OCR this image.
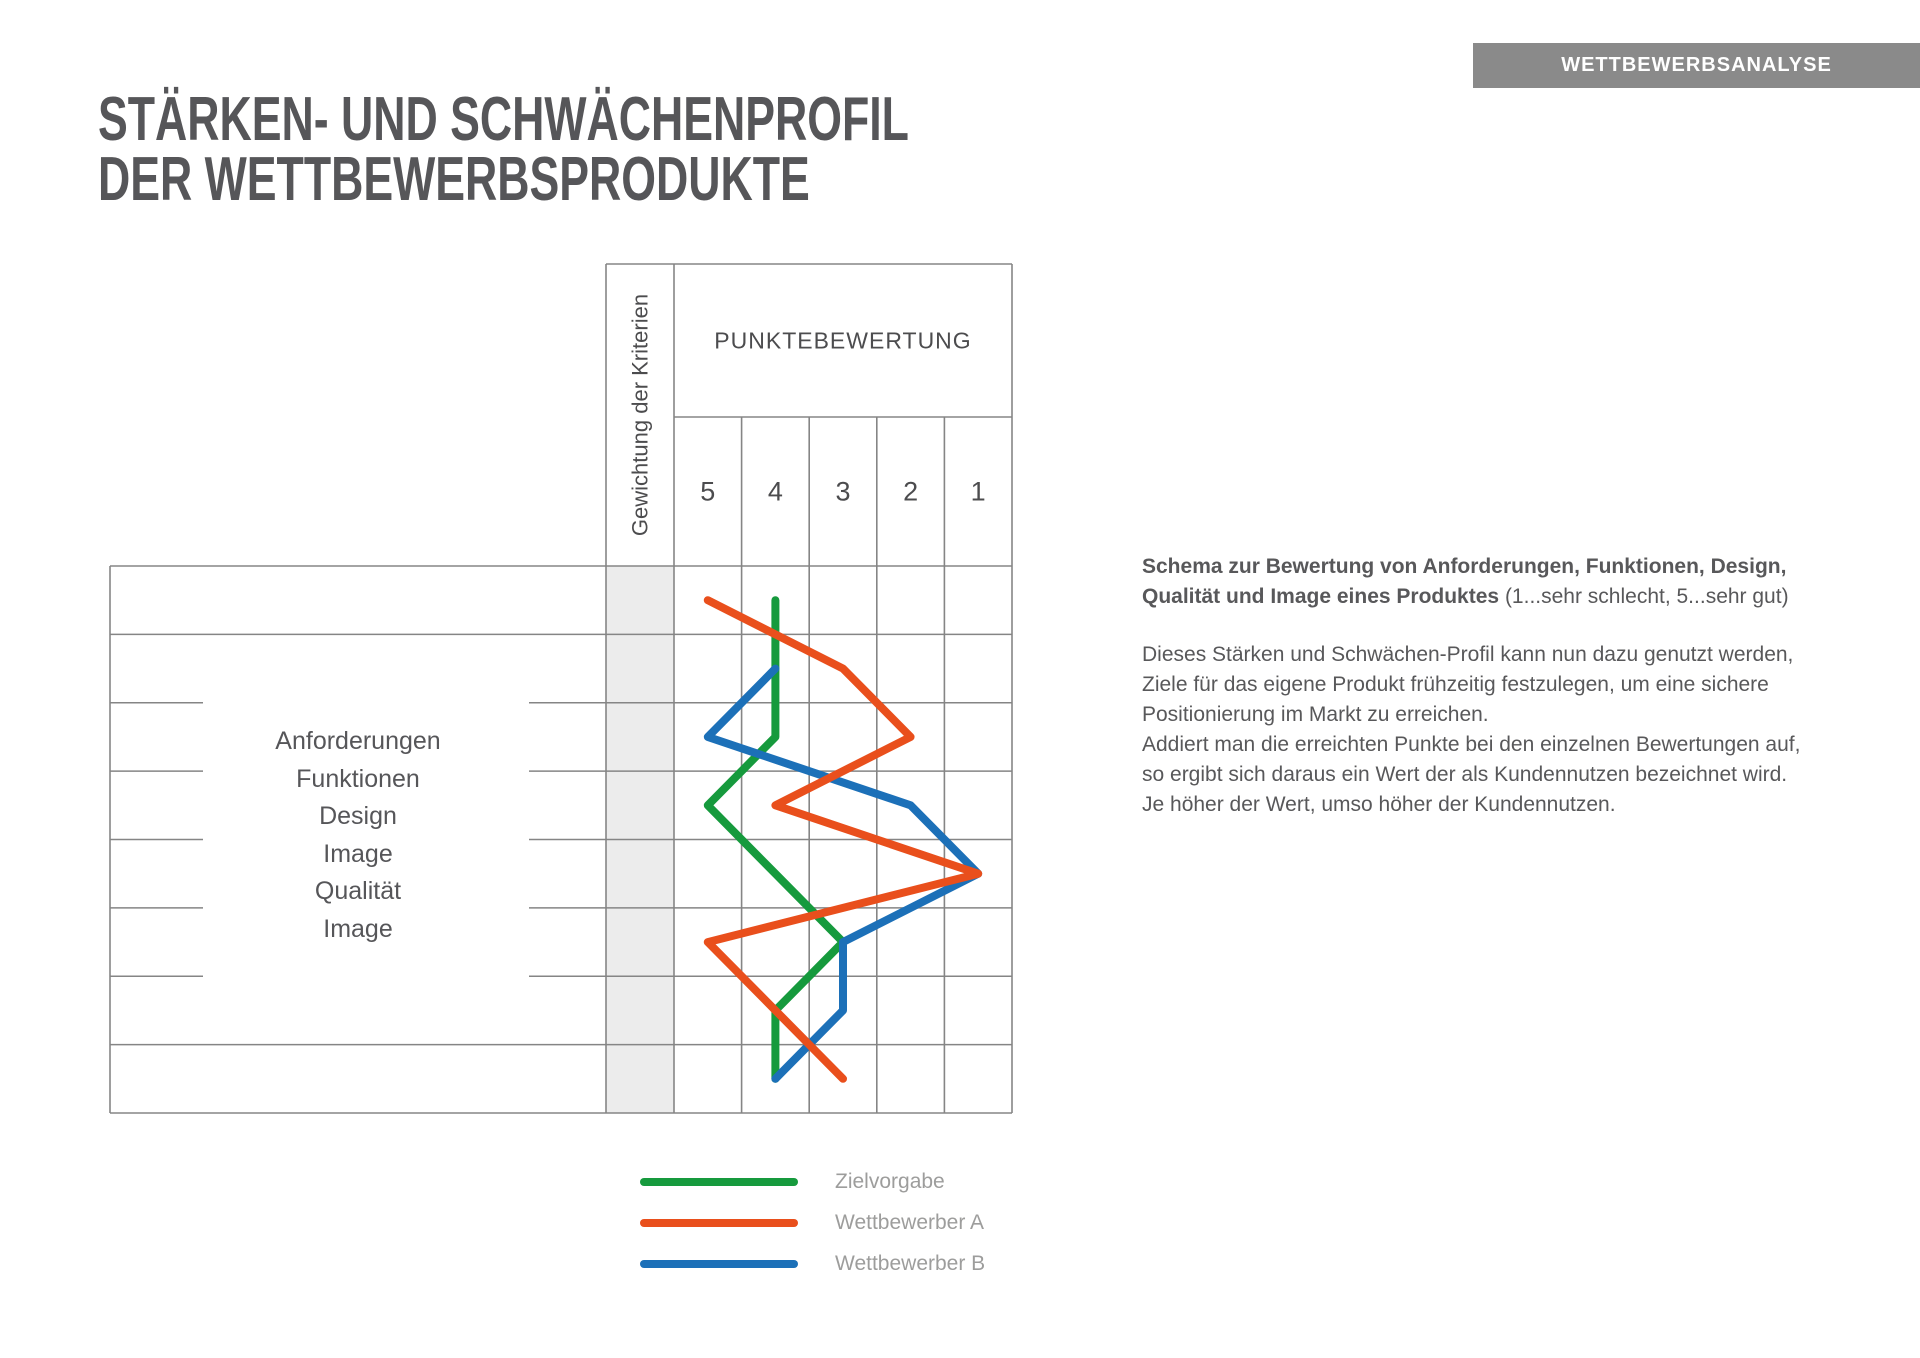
WETTBEWERBSANALYSE
STÄRKEN- UND SCHWÄCHENPROFIL
DER WETTBEWERBSPRODUKTE
Gewichtung der Kriterien	PUNKTEBEWERTUNG
5 4 3 2 1
Anforderungen
Funktionen
Design
Image
Qualität
Image
Schema zur Bewertung von Anforderungen, Funktionen, Design,
Qualität und Image eines Produktes (1...sehr schlecht, 5...sehr gut)
Dieses Stärken und Schwächen-Profil kann nun dazu genutzt werden,
Ziele für das eigene Produkt frühzeitig festzulegen, um eine sichere
Positionierung im Markt zu erreichen.
Addiert man die erreichten Punkte bei den einzelnen Bewertungen auf,
so ergibt sich daraus ein Wert der als Kundennutzen bezeichnet wird.
Je höher der Wert, umso höher der Kundennutzen.
Zielvorgabe
Wettbewerber A
Wettbewerber B
